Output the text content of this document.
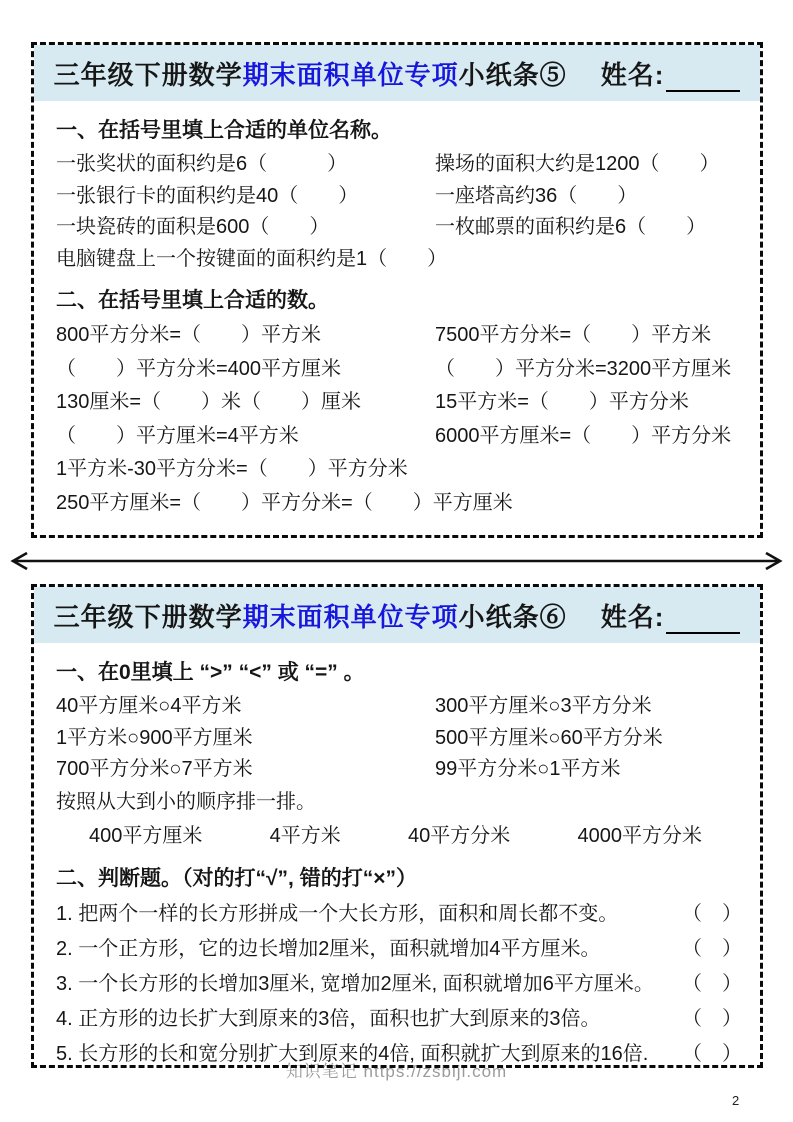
三年级下册数学期末面积单位专项小纸条⑤ 姓名:
一、在括号里填上合适的单位名称。
一张奖状的面积约是6（　　　）	操场的面积大约是1200（　　）
一张银行卡的面积约是40（　　）	一座塔高约36（　　）
一块瓷砖的面积是600（　　）	一枚邮票的面积约是6（　　）
电脑键盘上一个按键面的面积约是1（　　）
二、在括号里填上合适的数。
800平方分米=（　　）平方米	7500平方分米=（　　）平方米
（　　）平方分米=400平方厘米	（　　）平方分米=3200平方厘米
130厘米=（　　）米（　　）厘米	15平方米=（　　）平方分米
（　　）平方厘米=4平方米	6000平方厘米=（　　）平方分米
1平方米-30平方分米=（　　）平方分米
250平方厘米=（　　）平方分米=（　　）平方厘米
三年级下册数学期末面积单位专项小纸条⑥ 姓名:
一、在0里填上 “>” “<” 或 “=” 。
40平方厘米○4平方米	300平方厘米○3平方分米
1平方米○900平方厘米	500平方厘米○60平方分米
700平方分米○7平方米	99平方分米○1平方米
按照从大到小的顺序排一排。
400平方厘米	4平方米	40平方分米	4000平方分米
二、判断题。（对的打“√”, 错的打“×”）
1. 把两个一样的长方形拼成一个大长方形，面积和周长都不变。	（　）
2. 一个正方形，它的边长增加2厘米，面积就增加4平方厘米。	（　）
3. 一个长方形的长增加3厘米, 宽增加2厘米, 面积就增加6平方厘米。 （　）
4. 正方形的边长扩大到原来的3倍，面积也扩大到原来的3倍。	（　）
5. 长方形的长和宽分别扩大到原来的4倍, 面积就扩大到原来的16倍. （　）
知识笔记 https://zsbiji.com
2
